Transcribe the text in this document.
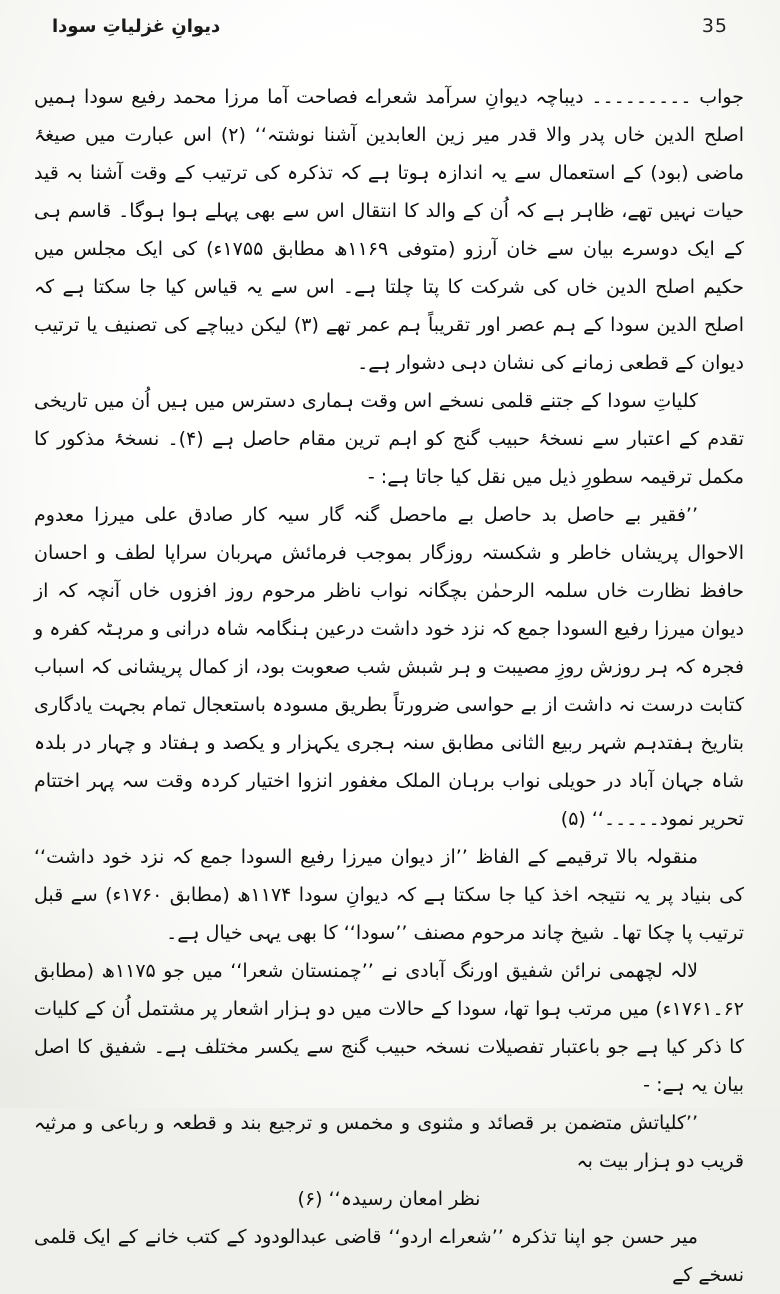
35
دیوانِ غزلیاتِ سودا

جواب ۔۔۔۔۔۔۔۔۔ دیباچہ دیوانِ سرآمد شعراے فصاحت آما مرزا محمد رفیع سودا ہمیں اصلح الدین خاں پدر والا قدر میر زین العابدین آشنا نوشتہ‘‘ (۲) اس عبارت میں صیغۂ ماضی (بود) کے استعمال سے یہ اندازہ ہوتا ہے کہ تذکرہ کی ترتیب کے وقت آشنا بہ قید حیات نہیں تھے، ظاہر ہے کہ اُن کے والد کا انتقال اس سے بھی پہلے ہوا ہوگا۔ قاسم ہی کے ایک دوسرے بیان سے خان آرزو (متوفی ۱۱۶۹ھ مطابق ۱۷۵۵ء) کی ایک مجلس میں حکیم اصلح الدین خاں کی شرکت کا پتا چلتا ہے۔ اس سے یہ قیاس کیا جا سکتا ہے کہ اصلح الدین سودا کے ہم عصر اور تقریباً ہم عمر تھے (۳) لیکن دیباچے کی تصنیف یا ترتیب دیوان کے قطعی زمانے کی نشان دہی دشوار ہے۔

کلیاتِ سودا کے جتنے قلمی نسخے اس وقت ہماری دسترس میں ہیں اُن میں تاریخی تقدم کے اعتبار سے نسخۂ حبیب گنج کو اہم ترین مقام حاصل ہے (۴)۔ نسخۂ مذکور کا مکمل ترقیمہ سطورِ ذیل میں نقل کیا جاتا ہے: -

’’فقیر بے حاصل بد حاصل بے ماحصل گنہ گار سیہ کار صادق علی میرزا معدوم الاحوال پریشاں خاطر و شکستہ روزگار بموجب فرمائش مہربان سراپا لطف و احسان حافظ نظارت خاں سلمہ الرحمٰن بچگانہ نواب ناظر مرحوم روز افزوں خاں آنچہ کہ از دیوان میرزا رفیع السودا جمع کہ نزد خود داشت درعین ہنگامہ شاہ درانی و مرہٹہ کفرہ و فجرہ کہ ہر روزش روزِ مصیبت و ہر شبش شب صعوبت بود، از کمال پریشانی کہ اسباب کتابت درست نہ داشت از بے حواسی ضرورتاً بطریق مسودہ باستعجال تمام بجہت یادگاری بتاریخ ہفتدہم شہر ربیع الثانی مطابق سنہ ہجری یکہزار و یکصد و ہفتاد و چہار در بلدہ شاہ جہان آباد در حویلی نواب برہان الملک مغفور انزوا اختیار کردہ وقت سہ پہر اختتام تحریر نمود۔۔۔۔۔‘‘ (۵)

منقولہ بالا ترقیمے کے الفاظ ’’از دیوان میرزا رفیع السودا جمع کہ نزد خود داشت‘‘ کی بنیاد پر یہ نتیجہ اخذ کیا جا سکتا ہے کہ دیوانِ سودا ۱۱۷۴ھ (مطابق ۱۷۶۰ء) سے قبل ترتیب پا چکا تھا۔ شیخ چاند مرحوم مصنف ’’سودا‘‘ کا بھی یہی خیال ہے۔

لالہ لچھمی نرائن شفیق اورنگ آبادی نے ’’چمنستان شعرا‘‘ میں جو ۱۱۷۵ھ (مطابق ۶۲۔۱۷۶۱ء) میں مرتب ہوا تھا، سودا کے حالات میں دو ہزار اشعار پر مشتمل اُن کے کلیات کا ذکر کیا ہے جو باعتبار تفصیلات نسخہ حبیب گنج سے یکسر مختلف ہے۔ شفیق کا اصل بیان یہ ہے: -

’’کلیاتش متضمن بر قصائد و مثنوی و مخمس و ترجیع بند و قطعہ و رباعی و مرثیہ قریب دو ہزار بیت بہ

نظر امعان رسیدہ‘‘ (۶)

میر حسن جو اپنا تذکرہ ’’شعراے اردو‘‘ قاضی عبدالودود کے کتب خانے کے ایک قلمی نسخے کے
